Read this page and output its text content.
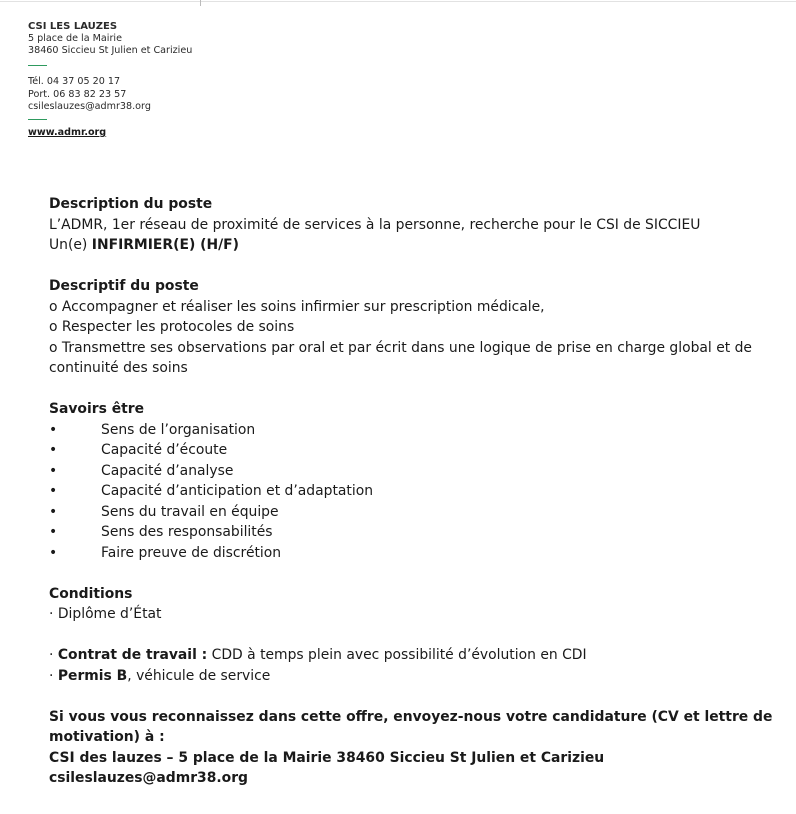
CSI LES LAUZES
5 place de la Mairie
38460 Siccieu St Julien et Carizieu
Tél. 04 37 05 20 17
Port. 06 83 82 23 57
csileslauzes@admr38.org
www.admr.org
Description du poste
L’ADMR, 1er réseau de proximité de services à la personne, recherche pour le CSI de SICCIEU
Un(e) INFIRMIER(E) (H/F)
Descriptif du poste
o Accompagner et réaliser les soins infirmier sur prescription médicale,
o Respecter les protocoles de soins
o Transmettre ses observations par oral et par écrit dans une logique de prise en charge global et de continuité des soins
Savoirs être
•	Sens de l’organisation
•	Capacité d’écoute
•	Capacité d’analyse
•	Capacité d’anticipation et d’adaptation
•	Sens du travail en équipe
•	Sens des responsabilités
•	Faire preuve de discrétion
Conditions
· Diplôme d’État
· Contrat de travail : CDD à temps plein avec possibilité d’évolution en CDI
· Permis B, véhicule de service
Si vous vous reconnaissez dans cette offre, envoyez-nous votre candidature (CV et lettre de motivation) à :
CSI des lauzes – 5 place de la Mairie 38460 Siccieu St Julien et Carizieu
csileslauzes@admr38.org
